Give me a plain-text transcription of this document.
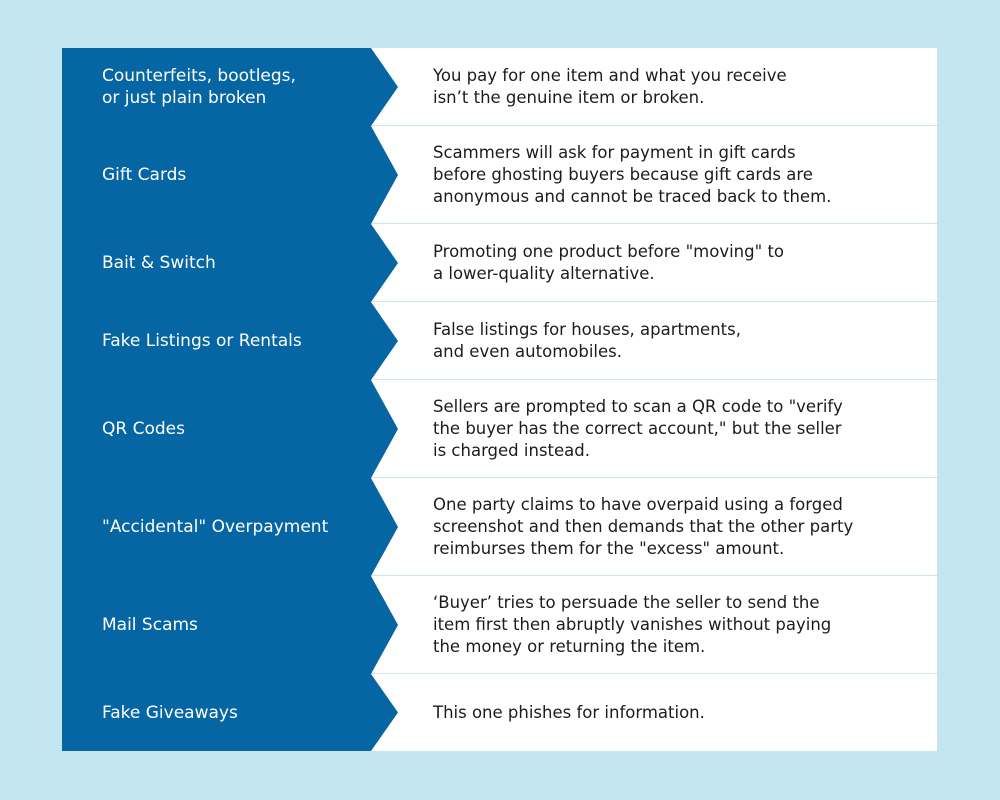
Counterfeits, bootlegs,
or just plain broken
You pay for one item and what you receive
isn’t the genuine item or broken.
Gift Cards
Scammers will ask for payment in gift cards
before ghosting buyers because gift cards are
anonymous and cannot be traced back to them.
Bait & Switch
Promoting one product before "moving" to
a lower-quality alternative.
Fake Listings or Rentals
False listings for houses, apartments,
and even automobiles.
QR Codes
Sellers are prompted to scan a QR code to "verify
the buyer has the correct account," but the seller
is charged instead.
"Accidental" Overpayment
One party claims to have overpaid using a forged
screenshot and then demands that the other party
reimburses them for the "excess" amount.
Mail Scams
‘Buyer’ tries to persuade the seller to send the
item first then abruptly vanishes without paying
the money or returning the item.
Fake Giveaways	This one phishes for information.
